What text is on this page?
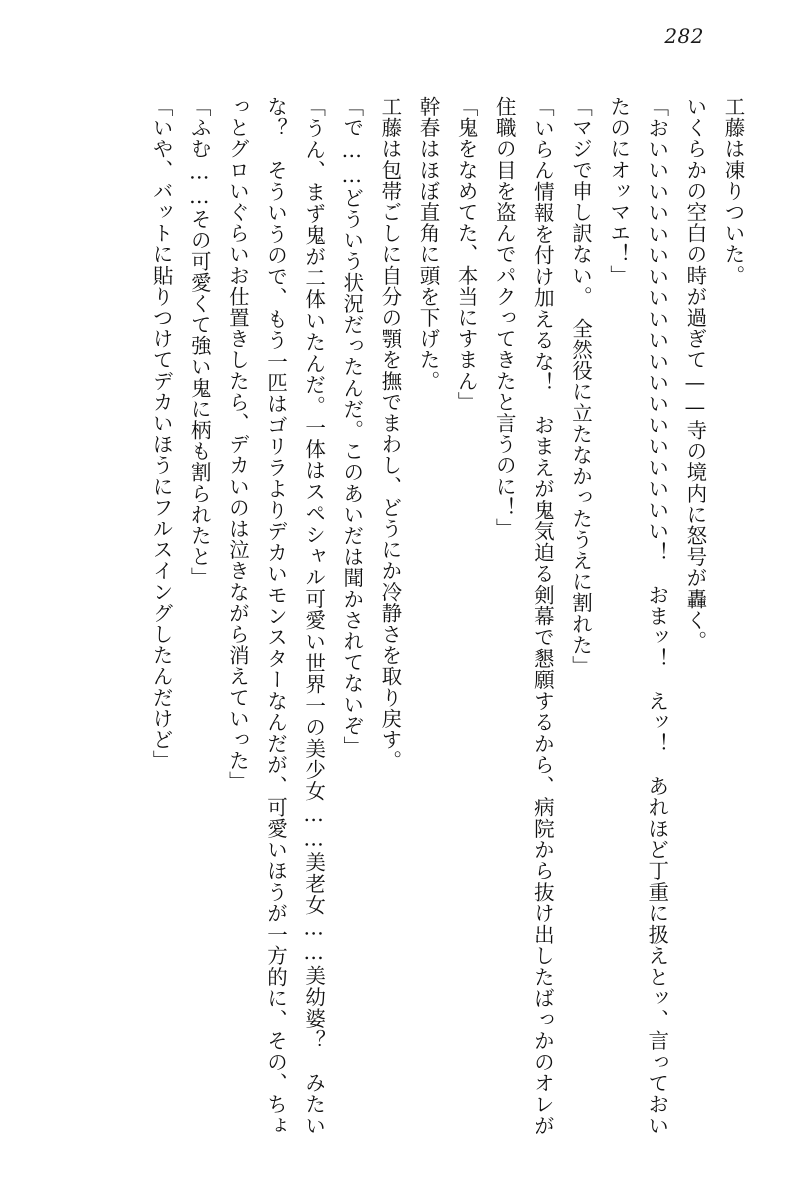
282

工藤は凍りついた。

いくらかの空白の時が過ぎて——寺の境内に怒号が轟く。

「おいいいいいいいいいいいいいいいいいいい！　おまッ！　えッ！　あれほど丁重に扱えとッ、言っておいたのにオッマエ！」

「マジで申し訳ない。　全然役に立たなかったうえに割れた」

「いらん情報を付け加えるな！　おまえが鬼気迫る剣幕で懇願するから、病院から抜け出したばっかのオレが住職の目を盗んでパクってきたと言うのに！」

「鬼をなめてた、本当にすまん」

幹春はほぼ直角に頭を下げた。

工藤は包帯ごしに自分の顎を撫でまわし、どうにか冷静さを取り戻す。

「で……どういう状況だったんだ。このあいだは聞かされてないぞ」

「うん、まず鬼が二体いたんだ。一体はスペシャル可愛い世界一の美少女……美老女……美幼婆？　みたいな？　そういうので、もう一匹はゴリラよりデカいモンスターなんだが、可愛いほうが一方的に、その、ちょっとグロいぐらいお仕置きしたら、デカいのは泣きながら消えていった」

「ふむ……その可愛くて強い鬼に柄も割られたと」

「いや、バットに貼りつけてデカいほうにフルスイングしたんだけど」
